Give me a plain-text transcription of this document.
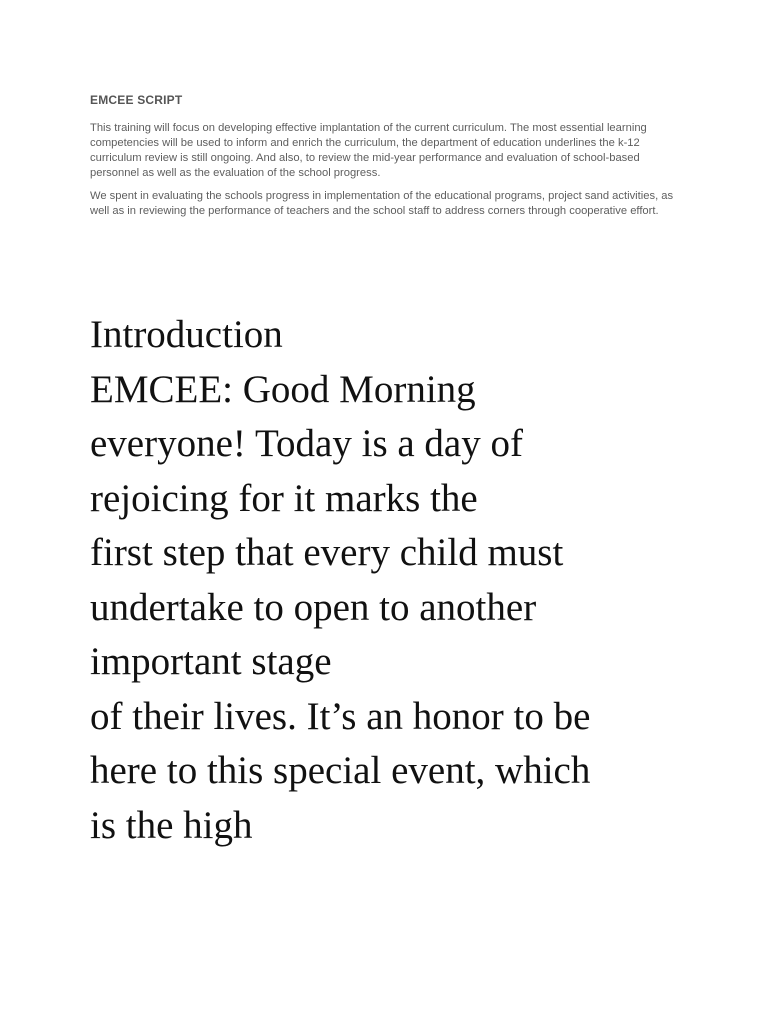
EMCEE SCRIPT

This training will focus on developing effective implantation of the current curriculum. The most essential learning competencies will be used to inform and enrich the curriculum, the department of education underlines the k-12 curriculum review is still ongoing. And also, to review the mid-year performance and evaluation of school-based personnel as well as the evaluation of the school progress.

We spent in evaluating the schools progress in implementation of the educational programs, project sand activities, as well as in reviewing the performance of teachers and the school staff to address corners through cooperative effort.

Introduction
EMCEE: Good Morning
everyone! Today is a day of
rejoicing for it marks the
first step that every child must
undertake to open to another
important stage
of their lives. It’s an honor to be
here to this special event, which
is the high
